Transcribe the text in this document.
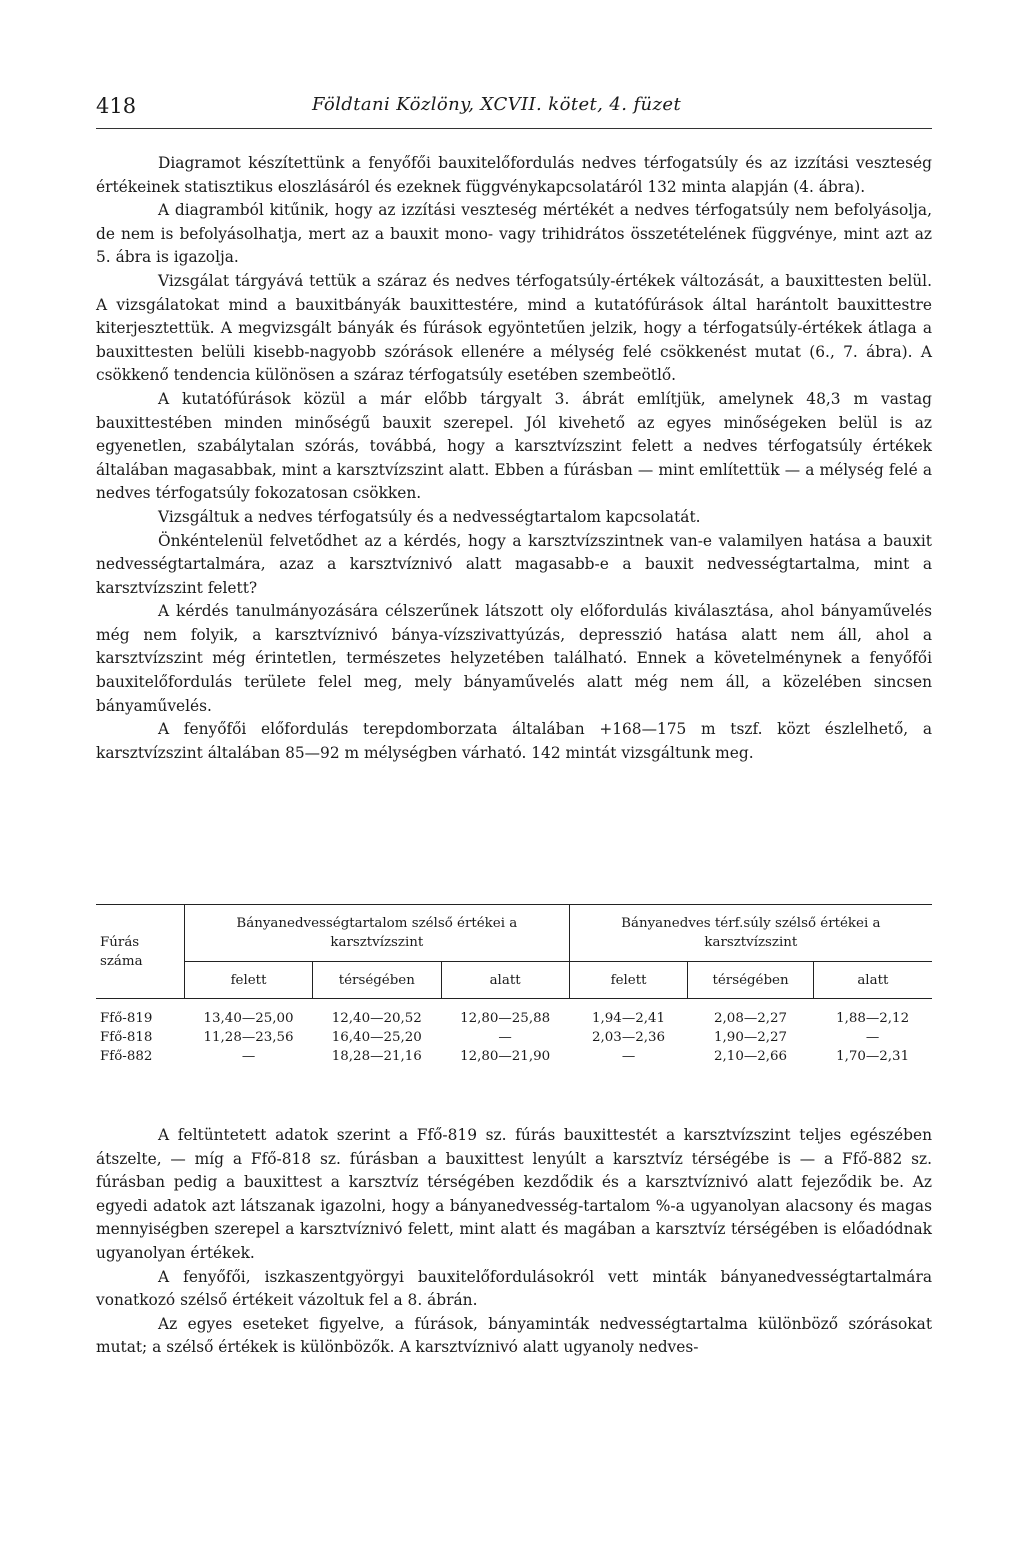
418	Földtani Közlöny, XCVII. kötet, 4. füzet

Diagramot készítettünk a fenyőfői bauxitelőfordulás nedves térfogatsúly és az izzítási veszteség értékeinek statisztikus eloszlásáról és ezeknek függvénykapcsolatáról 132 minta alapján (4. ábra).

A diagramból kitűnik, hogy az izzítási veszteség mértékét a nedves térfogatsúly nem befolyásolja, de nem is befolyásolhatja, mert az a bauxit mono- vagy trihidrátos összetételének függvénye, mint azt az 5. ábra is igazolja.

Vizsgálat tárgyává tettük a száraz és nedves térfogatsúly-értékek változását, a bauxittesten belül. A vizsgálatokat mind a bauxitbányák bauxittestére, mind a kutatófúrások által harántolt bauxittestre kiterjesztettük. A megvizsgált bányák és fúrások egyöntetűen jelzik, hogy a térfogatsúly-értékek átlaga a bauxittesten belüli kisebb-nagyobb szórások ellenére a mélység felé csökkenést mutat (6., 7. ábra). A csökkenő tendencia különösen a száraz térfogatsúly esetében szembeötlő.

A kutatófúrások közül a már előbb tárgyalt 3. ábrát említjük, amelynek 48,3 m vastag bauxittestében minden minőségű bauxit szerepel. Jól kivehető az egyes minőségeken belül is az egyenetlen, szabálytalan szórás, továbbá, hogy a karsztvízszint felett a nedves térfogatsúly értékek általában magasabbak, mint a karsztvízszint alatt. Ebben a fúrásban — mint említettük — a mélység felé a nedves térfogatsúly fokozatosan csökken.

Vizsgáltuk a nedves térfogatsúly és a nedvességtartalom kapcsolatát.

Önkéntelenül felvetődhet az a kérdés, hogy a karsztvízszintnek van-e valamilyen hatása a bauxit nedvességtartalmára, azaz a karsztvíznivó alatt magasabb-e a bauxit nedvességtartalma, mint a karsztvízszint felett?

A kérdés tanulmányozására célszerűnek látszott oly előfordulás kiválasztása, ahol bányaművelés még nem folyik, a karsztvíznivó bánya-vízszivattyúzás, depresszió hatása alatt nem áll, ahol a karsztvízszint még érintetlen, természetes helyzetében található. Ennek a követelménynek a fenyőfői bauxitelőfordulás területe felel meg, mely bányaművelés alatt még nem áll, a közelében sincsen bányaművelés.

A fenyőfői előfordulás terepdomborzata általában +168—175 m tszf. közt észlelhető, a karsztvízszint általában 85—92 m mélységben várható. 142 mintát vizsgáltunk meg.

Fúrás száma	Bányanedvességtartalom szélső értékei a karsztvízszint			Bányanedves térf.súly szélső értékei a karsztvízszint		
	felett	térségében	alatt	felett	térségében	alatt

Ffő-819	13,40—25,00	12,40—20,52	12,80—25,88	1,94—2,41	2,08—2,27	1,88—2,12
Ffő-818	11,28—23,56	16,40—25,20	—	2,03—2,36	1,90—2,27	—
Ffő-882	—	18,28—21,16	12,80—21,90	—	2,10—2,66	1,70—2,31

A feltüntetett adatok szerint a Ffő-819 sz. fúrás bauxittestét a karsztvízszint teljes egészében átszelte, — míg a Ffő-818 sz. fúrásban a bauxittest lenyúlt a karsztvíz térségébe is — a Ffő-882 sz. fúrásban pedig a bauxittest a karsztvíz térségében kezdődik és a karsztvíznivó alatt fejeződik be. Az egyedi adatok azt látszanak igazolni, hogy a bányanedvesség-tartalom %-a ugyanolyan alacsony és magas mennyiségben szerepel a karsztvíznivó felett, mint alatt és magában a karsztvíz térségében is előadódnak ugyanolyan értékek.

A fenyőfői, iszkaszentgyörgyi bauxitelőfordulásokról vett minták bányanedvességtartalmára vonatkozó szélső értékeit vázoltuk fel a 8. ábrán.

Az egyes eseteket figyelve, a fúrások, bányaminták nedvességtartalma különböző szórásokat mutat; a szélső értékek is különbözők. A karsztvíznivó alatt ugyanoly nedves-
